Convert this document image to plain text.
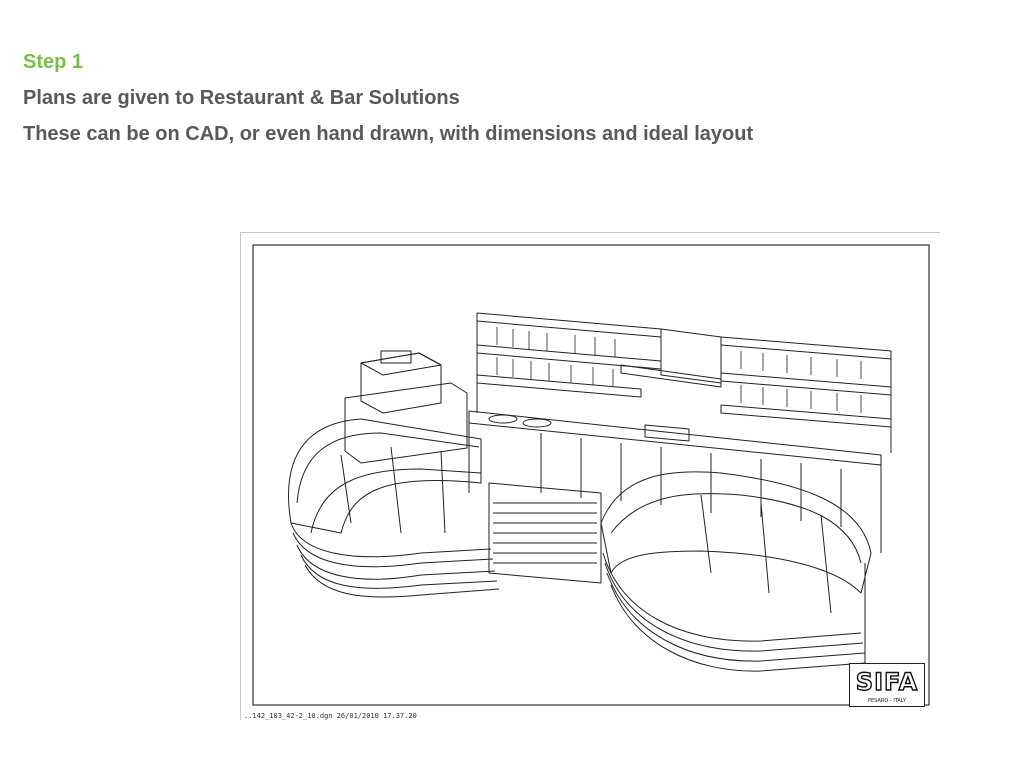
Step 1
Plans are given to Restaurant & Bar Solutions
These can be on CAD, or even hand drawn, with dimensions and ideal layout
SIFA
PESARO - ITALY
..142_103_42-2_10.dgn 26/01/2010 17.37.20
